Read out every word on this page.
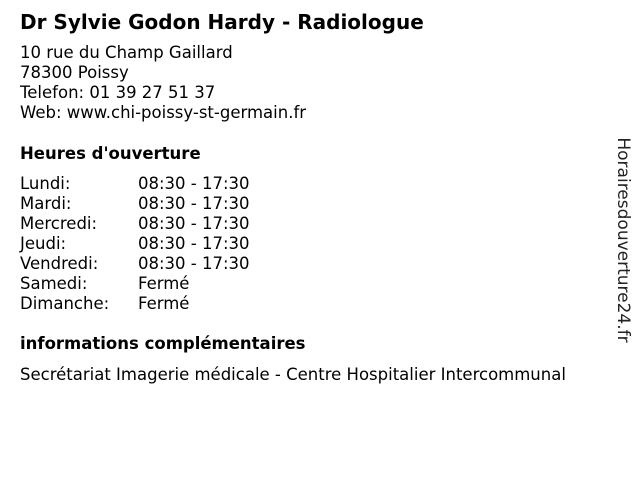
Dr Sylvie Godon Hardy - Radiologue
10 rue du Champ Gaillard
78300 Poissy
Telefon: 01 39 27 51 37
Web: www.chi-poissy-st-germain.fr
Heures d'ouverture
Lundi:	08:30 - 17:30
Mardi:	08:30 - 17:30
Mercredi:	08:30 - 17:30
Jeudi:	08:30 - 17:30
Vendredi:	08:30 - 17:30
Samedi:	Fermé
Dimanche:	Fermé
informations complémentaires
Secrétariat Imagerie médicale - Centre Hospitalier Intercommunal
Horairesdouverture24.fr
